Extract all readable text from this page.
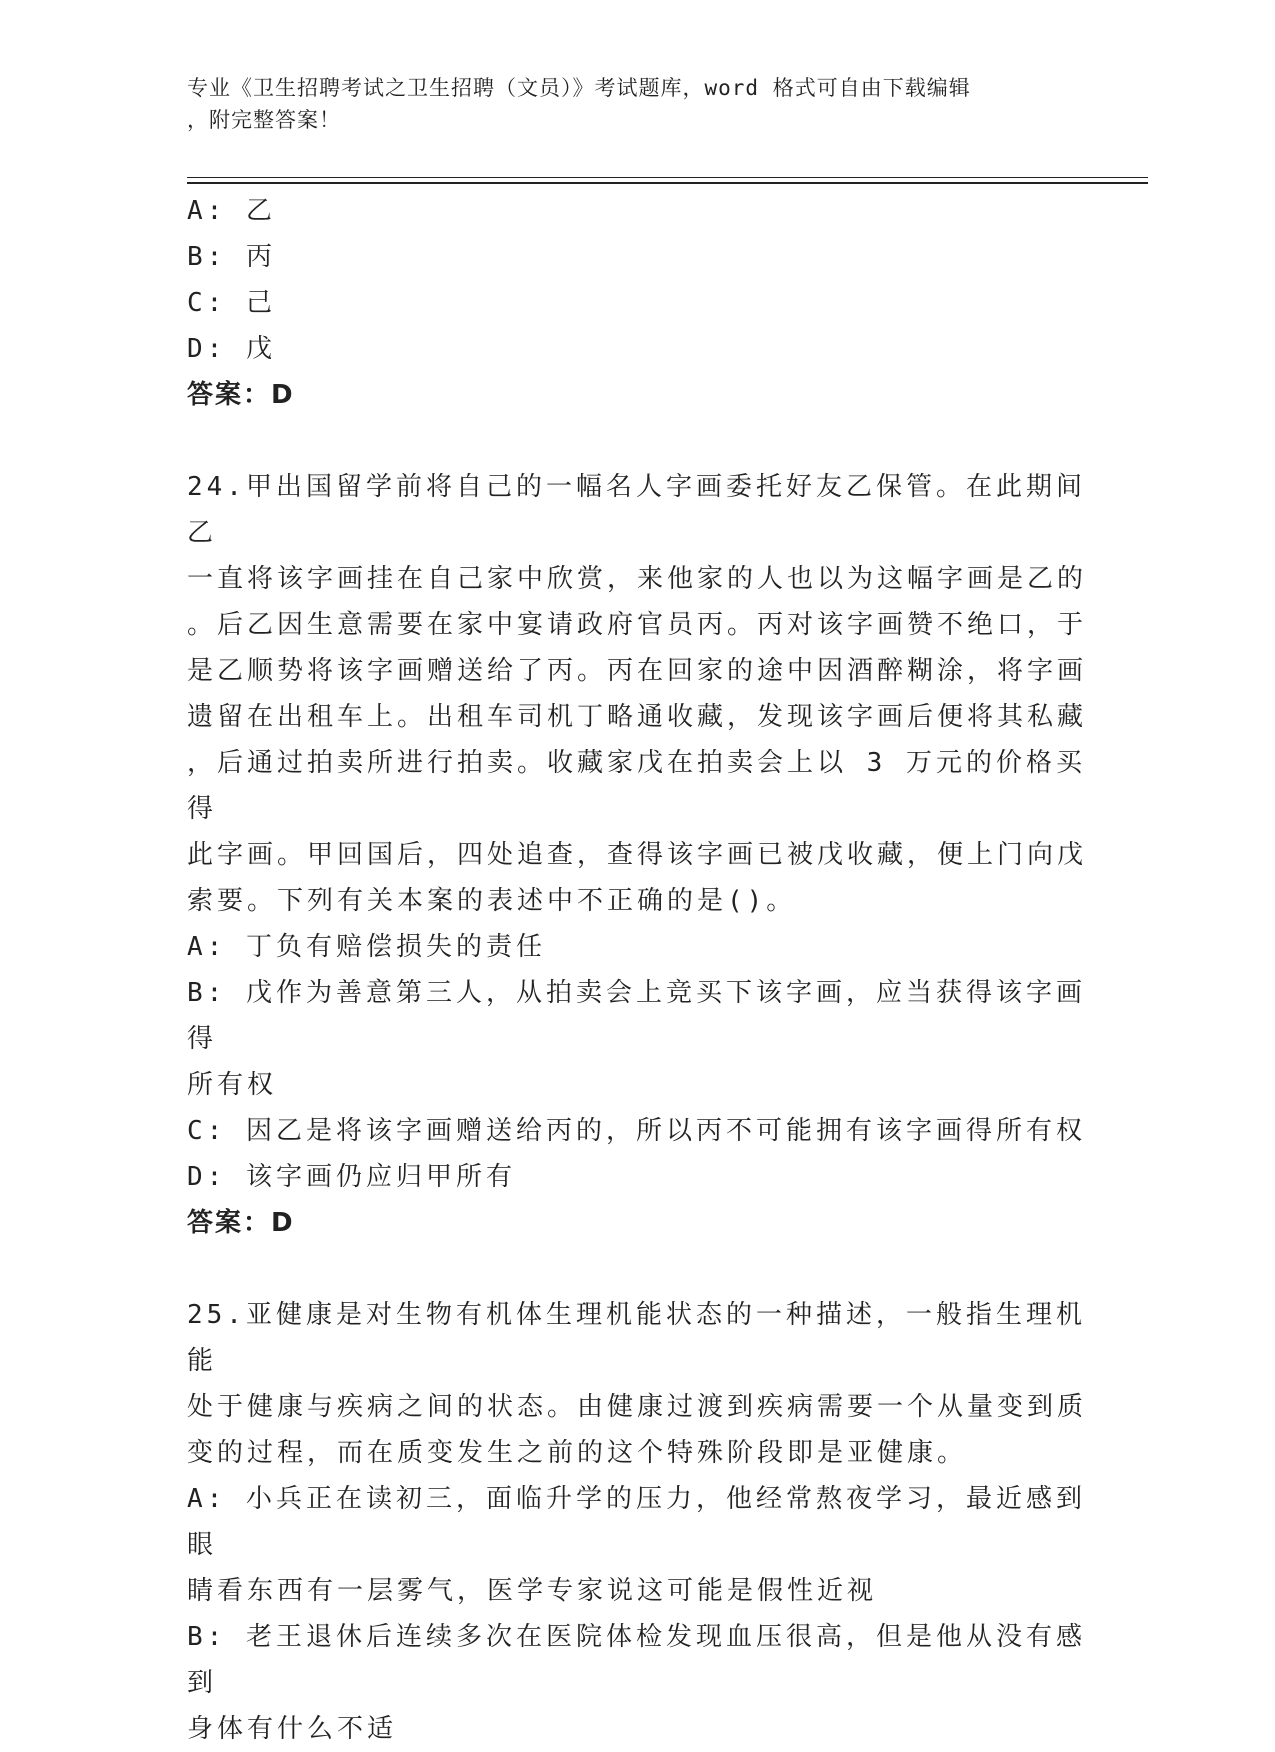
专业《卫生招聘考试之卫生招聘（文员）》考试题库，word 格式可自由下载编辑
，附完整答案！

A: 乙

B: 丙

C: 己

D: 戊

答案：D

24.甲出国留学前将自己的一幅名人字画委托好友乙保管。在此期间乙

一直将该字画挂在自己家中欣赏，来他家的人也以为这幅字画是乙的

。后乙因生意需要在家中宴请政府官员丙。丙对该字画赞不绝口，于

是乙顺势将该字画赠送给了丙。丙在回家的途中因酒醉糊涂，将字画

遗留在出租车上。出租车司机丁略通收藏，发现该字画后便将其私藏

，后通过拍卖所进行拍卖。收藏家戊在拍卖会上以 3 万元的价格买得

此字画。甲回国后，四处追查，查得该字画已被戊收藏，便上门向戊

索要。下列有关本案的表述中不正确的是()。

A: 丁负有赔偿损失的责任

B: 戊作为善意第三人，从拍卖会上竞买下该字画，应当获得该字画得

所有权

C: 因乙是将该字画赠送给丙的，所以丙不可能拥有该字画得所有权

D: 该字画仍应归甲所有

答案：D

25.亚健康是对生物有机体生理机能状态的一种描述，一般指生理机能

处于健康与疾病之间的状态。由健康过渡到疾病需要一个从量变到质

变的过程，而在质变发生之前的这个特殊阶段即是亚健康。

A: 小兵正在读初三，面临升学的压力，他经常熬夜学习，最近感到眼

睛看东西有一层雾气，医学专家说这可能是假性近视

B: 老王退休后连续多次在医院体检发现血压很高，但是他从没有感到

身体有什么不适
